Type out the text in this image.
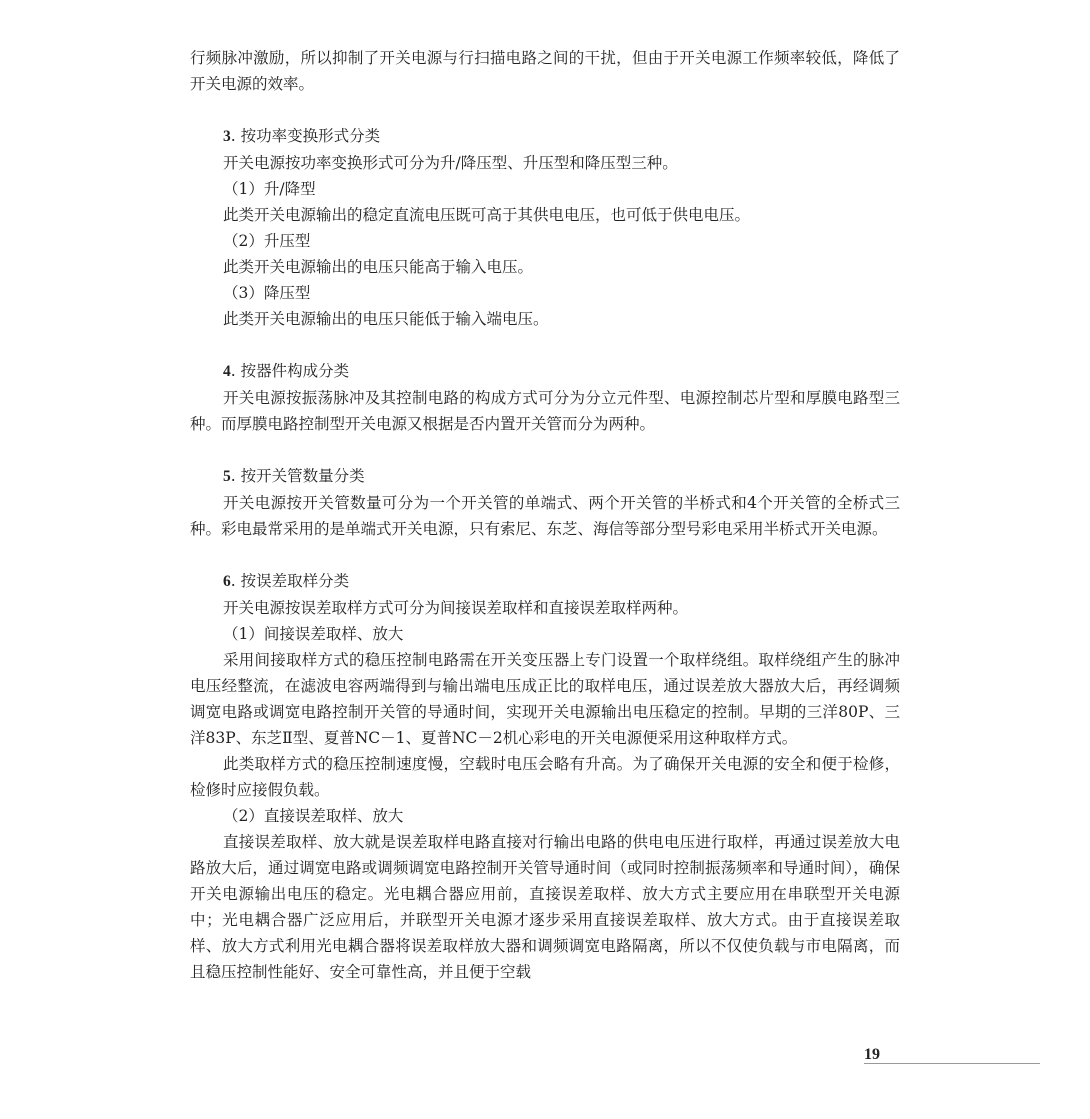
行频脉冲激励，所以抑制了开关电源与行扫描电路之间的干扰，但由于开关电源工作频率较低，降低了开关电源的效率。

3. 按功率变换形式分类

开关电源按功率变换形式可分为升/降压型、升压型和降压型三种。

（1）升/降型

此类开关电源输出的稳定直流电压既可高于其供电电压，也可低于供电电压。

（2）升压型

此类开关电源输出的电压只能高于输入电压。

（3）降压型

此类开关电源输出的电压只能低于输入端电压。

4. 按器件构成分类

开关电源按振荡脉冲及其控制电路的构成方式可分为分立元件型、电源控制芯片型和厚膜电路型三种。而厚膜电路控制型开关电源又根据是否内置开关管而分为两种。

5. 按开关管数量分类

开关电源按开关管数量可分为一个开关管的单端式、两个开关管的半桥式和4个开关管的全桥式三种。彩电最常采用的是单端式开关电源，只有索尼、东芝、海信等部分型号彩电采用半桥式开关电源。

6. 按误差取样分类

开关电源按误差取样方式可分为间接误差取样和直接误差取样两种。

（1）间接误差取样、放大

采用间接取样方式的稳压控制电路需在开关变压器上专门设置一个取样绕组。取样绕组产生的脉冲电压经整流，在滤波电容两端得到与输出端电压成正比的取样电压，通过误差放大器放大后，再经调频调宽电路或调宽电路控制开关管的导通时间，实现开关电源输出电压稳定的控制。早期的三洋80P、三洋83P、东芝Ⅱ型、夏普NC－1、夏普NC－2机心彩电的开关电源便采用这种取样方式。

此类取样方式的稳压控制速度慢，空载时电压会略有升高。为了确保开关电源的安全和便于检修，检修时应接假负载。

（2）直接误差取样、放大

直接误差取样、放大就是误差取样电路直接对行输出电路的供电电压进行取样，再通过误差放大电路放大后，通过调宽电路或调频调宽电路控制开关管导通时间（或同时控制振荡频率和导通时间），确保开关电源输出电压的稳定。光电耦合器应用前，直接误差取样、放大方式主要应用在串联型开关电源中；光电耦合器广泛应用后，并联型开关电源才逐步采用直接误差取样、放大方式。由于直接误差取样、放大方式利用光电耦合器将误差取样放大器和调频调宽电路隔离，所以不仅使负载与市电隔离，而且稳压控制性能好、安全可靠性高，并且便于空载

19
